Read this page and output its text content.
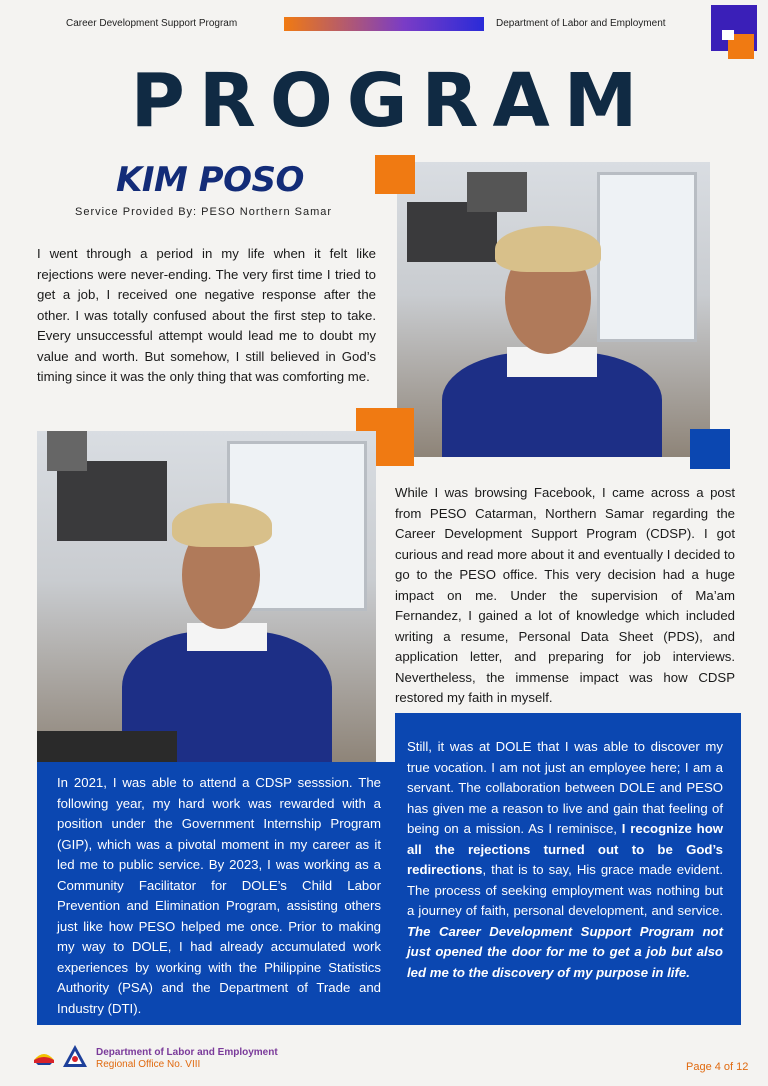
Career Development Support Program	Department of Labor and Employment
PROGRAM
KIM POSO
Service Provided By: PESO Northern Samar
I went through a period in my life when it felt like rejections were never-ending. The very first time I tried to get a job, I received one negative response after the other. I was totally confused about the first step to take. Every unsuccessful attempt would lead me to doubt my value and worth. But somehow, I still believed in God’s timing since it was the only thing that was comforting me.
While I was browsing Facebook, I came across a post from PESO Catarman, Northern Samar regarding the Career Development Support Program (CDSP). I got curious and read more about it and eventually I decided to go to the PESO office. This very decision had a huge impact on me. Under the supervision of Ma’am Fernandez, I gained a lot of knowledge which included writing a resume, Personal Data Sheet (PDS), and application letter, and preparing for job interviews. Nevertheless, the immense impact was how CDSP restored my faith in myself.
Still, it was at DOLE that I was able to discover my true vocation. I am not just an employee here; I am a servant. The collaboration between DOLE and PESO has given me a reason to live and gain that feeling of being on a mission. As I reminisce, I recognize how all the rejections turned out to be God’s redirections, that is to say, His grace made evident. The process of seeking employment was nothing but a journey of faith, personal development, and service. The Career Development Support Program not just opened the door for me to get a job but also led me to the discovery of my purpose in life.
In 2021, I was able to attend a CDSP sesssion. The following year, my hard work was rewarded with a position under the Government Internship Program (GIP), which was a pivotal moment in my career as it led me to public service. By 2023, I was working as a Community Facilitator for DOLE’s Child Labor Prevention and Elimination Program, assisting others just like how PESO helped me once. Prior to making my way to DOLE, I had already accumulated work experiences by working with the Philippine Statistics Authority (PSA) and the Department of Trade and Industry (DTI).
Department of Labor and Employment
Regional Office No. VIII	Page 4 of 12
